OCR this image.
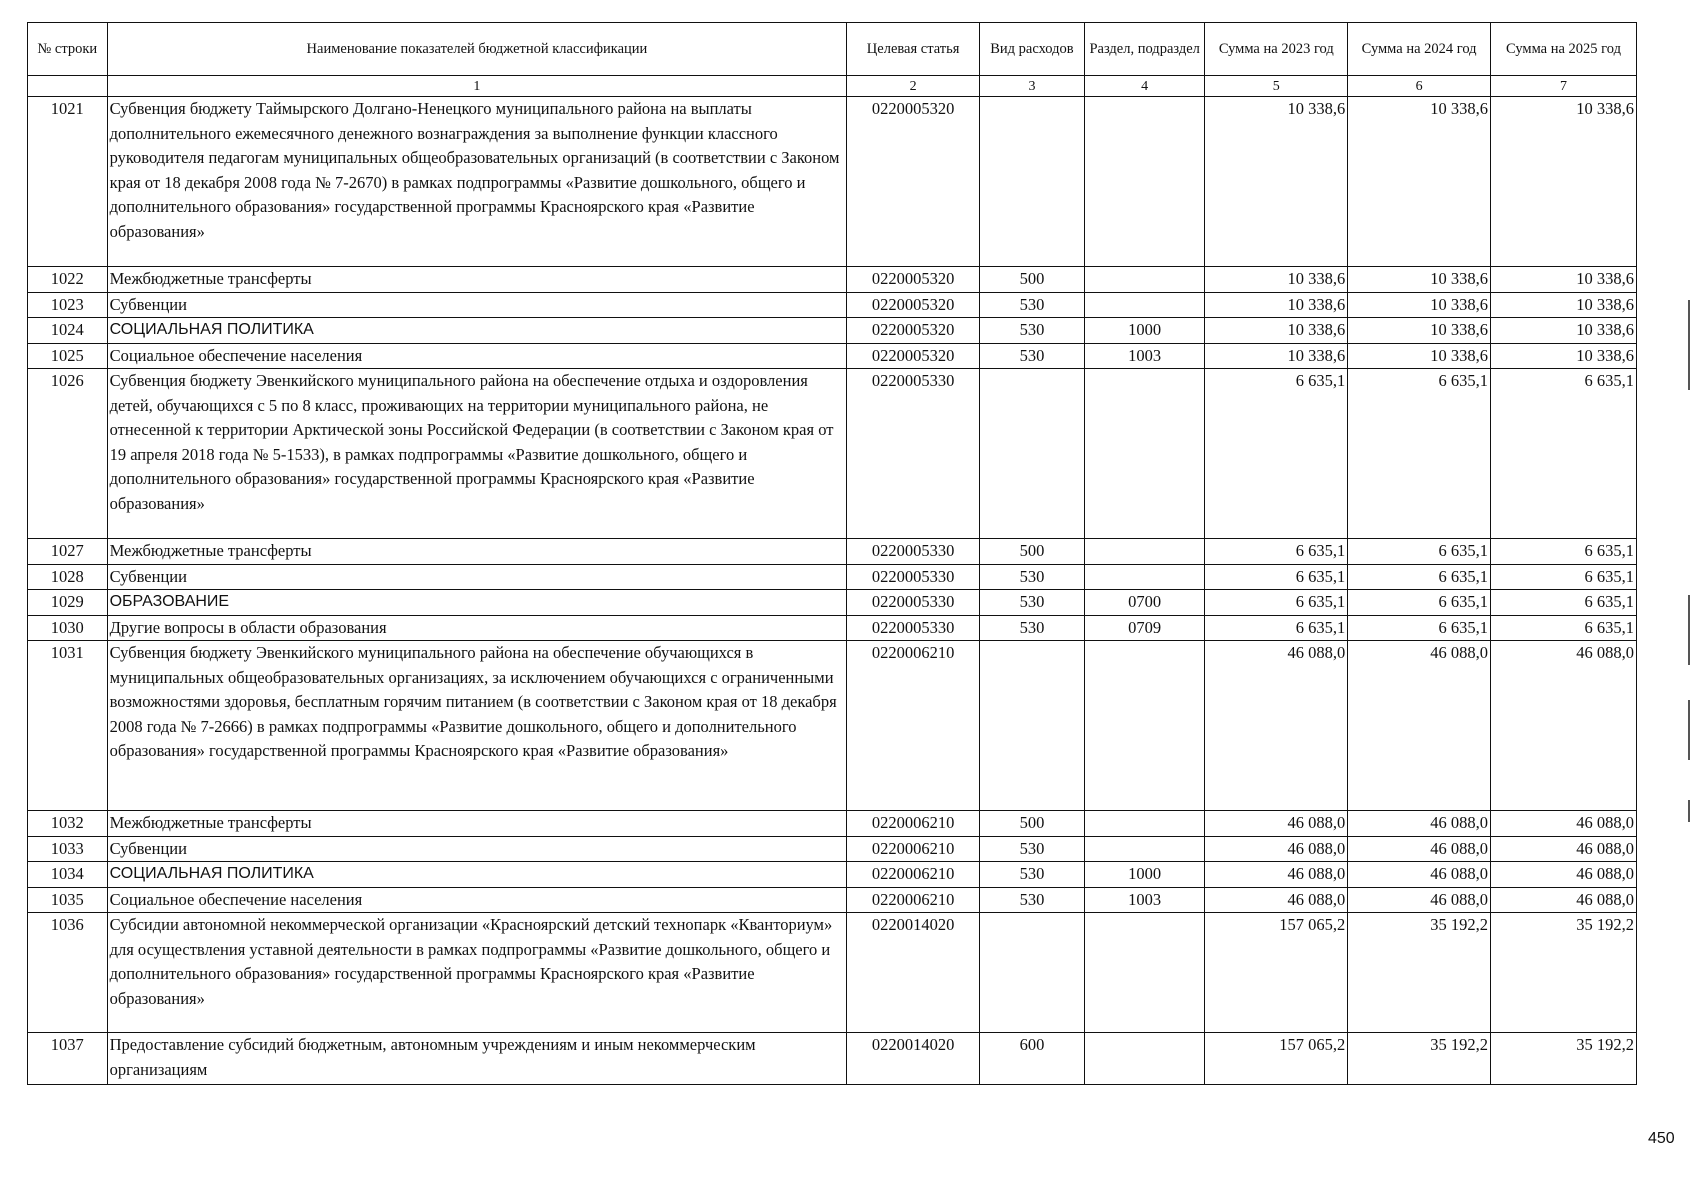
№ строки	Наименование показателей бюджетной классификации	Целевая статья	Вид расходов	Раздел, подраздел	Сумма на 2023 год	Сумма на 2024 год	Сумма на 2025 год
	1	2	3	4	5	6	7
1021	Субвенция бюджету Таймырского Долгано-Ненецкого муниципального района на выплаты дополнительного ежемесячного денежного вознаграждения за выполнение функции классного руководителя педагогам муниципальных общеобразовательных организаций (в соответствии с Законом края от 18 декабря 2008 года № 7-2670) в рамках подпрограммы «Развитие дошкольного, общего и дополнительного образования» государственной программы Красноярского края «Развитие образования»	0220005320			10 338,6	10 338,6	10 338,6
1022	Межбюджетные трансферты	0220005320	500		10 338,6	10 338,6	10 338,6
1023	Субвенции	0220005320	530		10 338,6	10 338,6	10 338,6
1024	СОЦИАЛЬНАЯ ПОЛИТИКА	0220005320	530	1000	10 338,6	10 338,6	10 338,6
1025	Социальное обеспечение населения	0220005320	530	1003	10 338,6	10 338,6	10 338,6
1026	Субвенция бюджету Эвенкийского муниципального района на обеспечение отдыха и оздоровления детей, обучающихся с 5 по 8 класс, проживающих на территории муниципального района, не отнесенной к территории Арктической зоны Российской Федерации (в соответствии с Законом края от 19 апреля 2018 года № 5-1533), в рамках подпрограммы «Развитие дошкольного, общего и дополнительного образования» государственной программы Красноярского края «Развитие образования»	0220005330			6 635,1	6 635,1	6 635,1
1027	Межбюджетные трансферты	0220005330	500		6 635,1	6 635,1	6 635,1
1028	Субвенции	0220005330	530		6 635,1	6 635,1	6 635,1
1029	ОБРАЗОВАНИЕ	0220005330	530	0700	6 635,1	6 635,1	6 635,1
1030	Другие вопросы в области образования	0220005330	530	0709	6 635,1	6 635,1	6 635,1
1031	Субвенция бюджету Эвенкийского муниципального района на обеспечение обучающихся в муниципальных общеобразовательных организациях, за исключением обучающихся с ограниченными возможностями здоровья, бесплатным горячим питанием (в соответствии с Законом края от 18 декабря 2008 года № 7-2666) в рамках подпрограммы «Развитие дошкольного, общего и дополнительного образования» государственной программы Красноярского края «Развитие образования»	0220006210			46 088,0	46 088,0	46 088,0
1032	Межбюджетные трансферты	0220006210	500		46 088,0	46 088,0	46 088,0
1033	Субвенции	0220006210	530		46 088,0	46 088,0	46 088,0
1034	СОЦИАЛЬНАЯ ПОЛИТИКА	0220006210	530	1000	46 088,0	46 088,0	46 088,0
1035	Социальное обеспечение населения	0220006210	530	1003	46 088,0	46 088,0	46 088,0
1036	Субсидии автономной некоммерческой организации «Красноярский детский технопарк «Кванториум» для осуществления уставной деятельности в рамках подпрограммы «Развитие дошкольного, общего и дополнительного образования» государственной программы Красноярского края «Развитие образования»	0220014020			157 065,2	35 192,2	35 192,2
1037	Предоставление субсидий бюджетным, автономным учреждениям и иным некоммерческим организациям	0220014020	600		157 065,2	35 192,2	35 192,2
450
